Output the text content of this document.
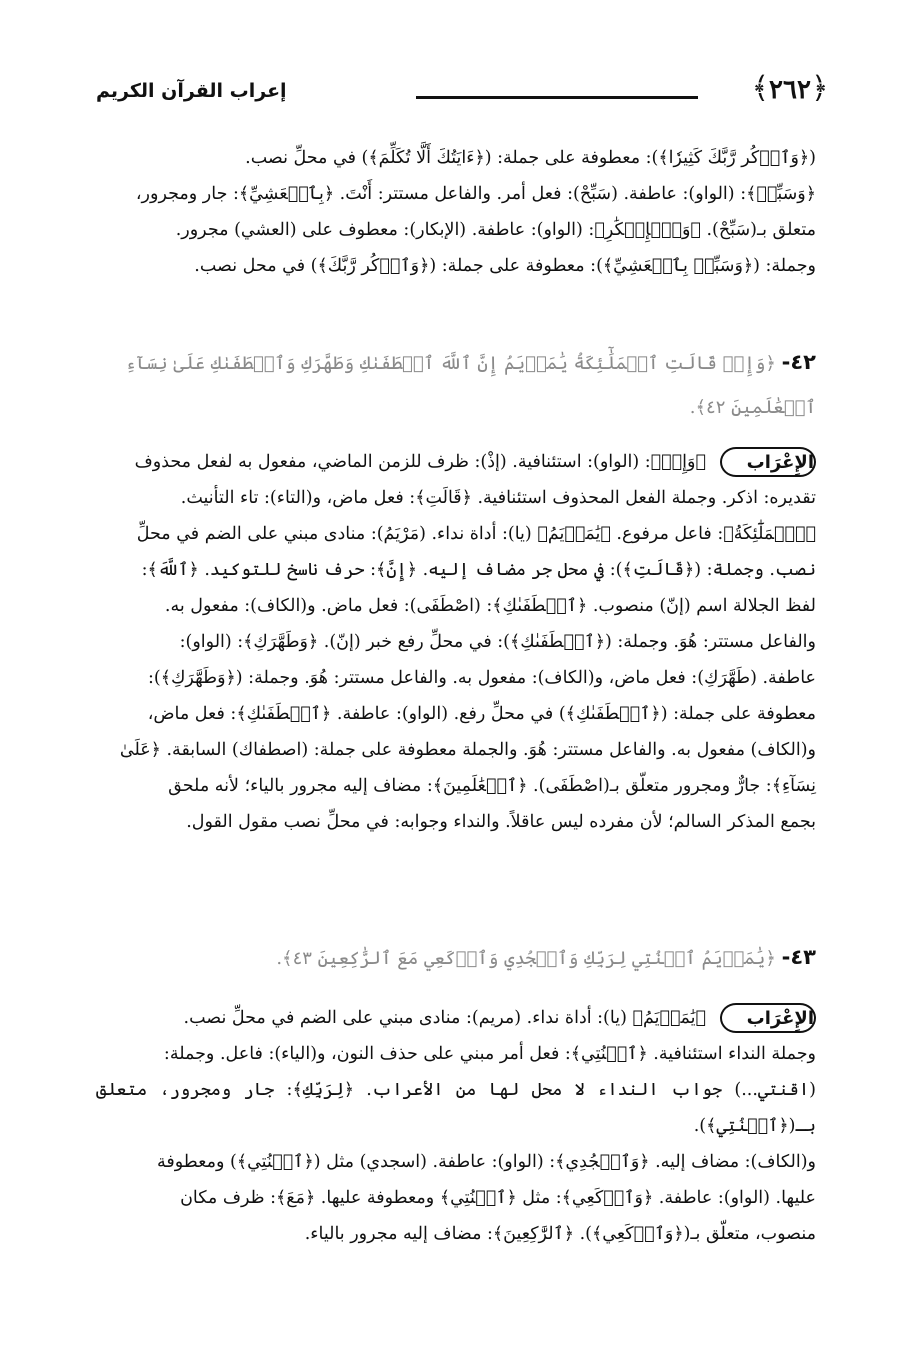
﴿٢٦٢﴾
إعراب القرآن الكريم

(﴿وَٱذۡكُر رَّبَّكَ كَثِيرٗا﴾): معطوفة على جملة: (﴿ءَايَتُكَ أَلَّا تُكَلِّمَ﴾) في محلِّ نصب.

﴿وَسَبِّحۡ﴾: (الواو): عاطفة. (سَبِّحْ): فعل أمر. والفاعل مستتر: أَنْتَ. ﴿بِٱلۡعَشِيِّ﴾: جار ومجرور،

متعلق بـ(سَبِّحْ). ﴿وَٱلۡإِبۡكَٰرِ﴾: (الواو): عاطفة. (الإبكار): معطوف على (العشي) مجرور.

وجملة: (﴿وَسَبِّحۡ بِٱلۡعَشِيِّ﴾): معطوفة على جملة: (﴿وَٱذۡكُر رَّبَّكَ﴾) في محل نصب.

٤٢- ﴿وَإِذۡ قَالَتِ ٱلۡمَلَٰٓئِكَةُ يَٰمَرۡيَمُ إِنَّ ٱللَّهَ ٱصۡطَفَىٰكِ وَطَهَّرَكِ وَٱصۡطَفَىٰكِ عَلَىٰ نِسَآءِ ٱلۡعَٰلَمِينَ ٤٢﴾.
الإِعْرَاب

﴿وَإِذۡ﴾: (الواو): استئنافية. (إذْ): ظرف للزمن الماضي، مفعول به لفعل محذوف

تقديره: اذكر. وجملة الفعل المحذوف استئنافية. ﴿قَالَتِ﴾: فعل ماض، و(التاء): تاء التأنيث.

﴿ٱلۡمَلَٰٓئِكَةُ﴾: فاعل مرفوع. ﴿يَٰمَرۡيَمُ﴾ (يا): أداة نداء. (مَرْيَمُ): منادى مبني على الضم في محلِّ

نصب. وجملة: (﴿قَالَتِ﴾): في محل جر مضاف إليه. ﴿إِنَّ﴾: حرف ناسخ للتوكيد. ﴿ٱللَّهَ﴾:

لفظ الجلالة اسم (إنّ) منصوب. ﴿ٱصۡطَفَىٰكِ﴾: (اصْطَفَى): فعل ماض. و(الكاف): مفعول به.

والفاعل مستتر: هُوَ. وجملة: (﴿ٱصۡطَفَىٰكِ﴾): في محلِّ رفع خبر (إنّ). ﴿وَطَهَّرَكِ﴾: (الواو):

عاطفة. (طَهَّرَكِ): فعل ماض، و(الكاف): مفعول به. والفاعل مستتر: هُوَ. وجملة: (﴿وَطَهَّرَكِ﴾):

معطوفة على جملة: (﴿ٱصۡطَفَىٰكِ﴾) في محلِّ رفع. (الواو): عاطفة. ﴿ٱصۡطَفَىٰكِ﴾: فعل ماض،

و(الكاف) مفعول به. والفاعل مستتر: هُوَ. والجملة معطوفة على جملة: (اصطفاك) السابقة. ﴿عَلَىٰ

نِسَآءِ﴾: جارٌّ ومجرور متعلّق بـ(اصْطَفَى). ﴿ٱلۡعَٰلَمِينَ﴾: مضاف إليه مجرور بالياء؛ لأنه ملحق

بجمع المذكر السالم؛ لأن مفرده ليس عاقلاً. والنداء وجوابه: في محلِّ نصب مقول القول.

٤٣- ﴿يَٰمَرۡيَمُ ٱقۡنُتِي لِرَبِّكِ وَٱسۡجُدِي وَٱرۡكَعِي مَعَ ٱلرَّٰكِعِينَ ٤٣﴾.
الإِعْرَاب

﴿يَٰمَرۡيَمُ﴾ (يا): أداة نداء. (مريم): منادى مبني على الضم في محلِّ نصب.

وجملة النداء استئنافية. ﴿ٱقۡنُتِي﴾: فعل أمر مبني على حذف النون، و(الياء): فاعل. وجملة:

(اقنتي...) جواب النداء لا محل لها من الأعراب. ﴿لِرَبِّكِ﴾: جار ومجرور، متعلق بـ(﴿ٱقۡنُتِي﴾).

و(الكاف): مضاف إليه. ﴿وَٱسۡجُدِي﴾: (الواو): عاطفة. (اسجدي) مثل (﴿ٱقۡنُتِي﴾) ومعطوفة

عليها. (الواو): عاطفة. ﴿وَٱرۡكَعِي﴾: مثل ﴿ٱقۡنُتِي﴾ ومعطوفة عليها. ﴿مَعَ﴾: ظرف مكان

منصوب، متعلّق بـ(﴿وَٱرۡكَعِي﴾). ﴿ٱلرَّٰكِعِينَ﴾: مضاف إليه مجرور بالياء.
